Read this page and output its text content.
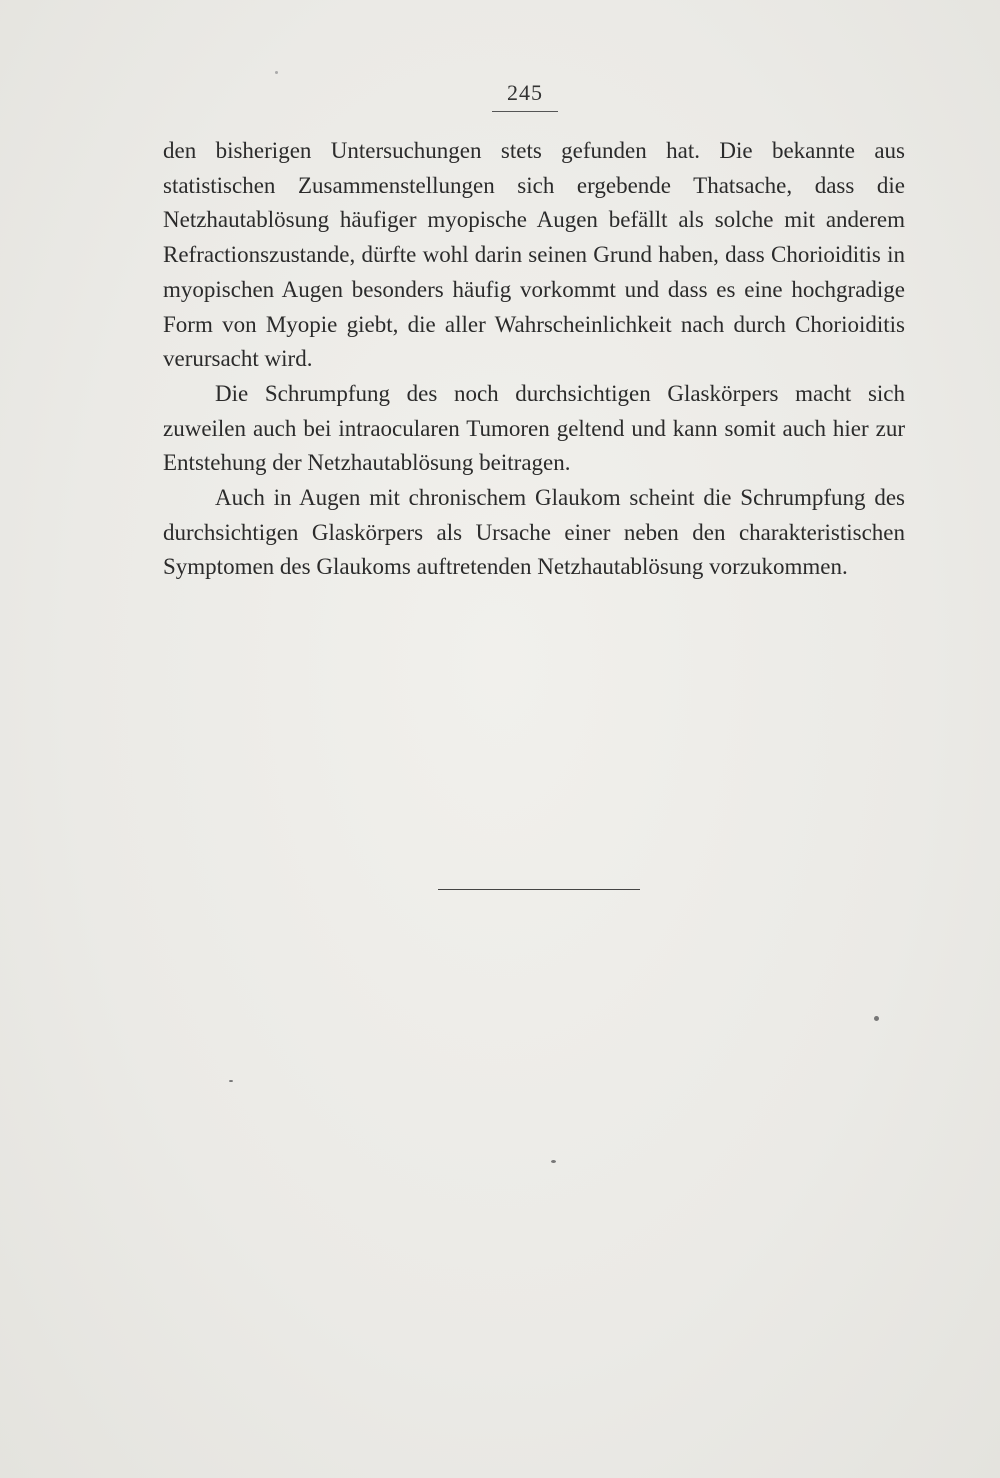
245

den bisherigen Untersuchungen stets gefunden hat. Die bekannte aus statistischen Zusammenstellungen sich ergebende Thatsache, dass die Netzhautablösung häufiger myopische Augen befällt als solche mit anderem Refractionszustande, dürfte wohl darin seinen Grund haben, dass Chorioiditis in myopischen Augen besonders häufig vorkommt und dass es eine hochgradige Form von Myopie giebt, die aller Wahrscheinlichkeit nach durch Chorioiditis verursacht wird.

Die Schrumpfung des noch durchsichtigen Glaskörpers macht sich zuweilen auch bei intraocularen Tumoren geltend und kann somit auch hier zur Entstehung der Netzhautablösung beitragen.

Auch in Augen mit chronischem Glaukom scheint die Schrumpfung des durchsichtigen Glaskörpers als Ursache einer neben den charakteristischen Symptomen des Glaukoms auftretenden Netzhautablösung vorzukommen.
